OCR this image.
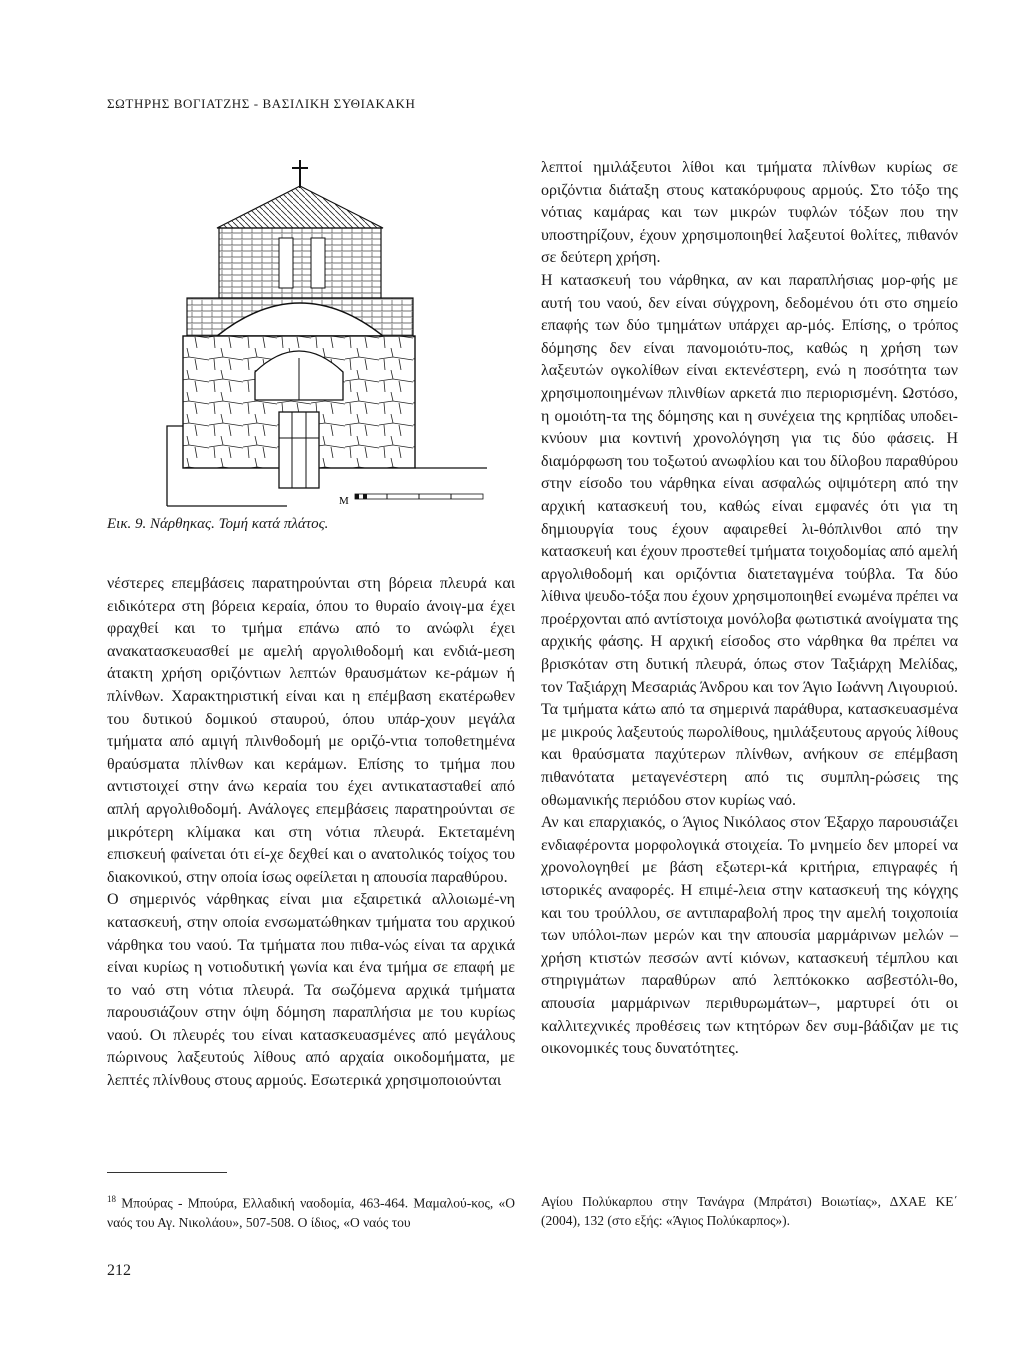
ΣΩΤΗΡΗΣ ΒΟΓΙΑΤΖΗΣ - ΒΑΣΙΛΙΚΗ ΣΥΘΙΑΚΑΚΗ
M
Εικ. 9. Νάρθηκας. Τομή κατά πλάτος.

νέστερες επεμβάσεις παρατηρούνται στη βόρεια πλευρά και ειδικότερα στη βόρεια κεραία, όπου το θυραίο άνοιγ-μα έχει φραχθεί και το τμήμα επάνω από το ανώφλι έχει ανακατασκευασθεί με αμελή αργολιθοδομή και ενδιά-μεση άτακτη χρήση οριζόντιων λεπτών θραυσμάτων κε-ράμων ή πλίνθων. Χαρακτηριστική είναι και η επέμβαση εκατέρωθεν του δυτικού δομικού σταυρού, όπου υπάρ-χουν μεγάλα τμήματα από αμιγή πλινθοδομή με οριζό-ντια τοποθετημένα θραύσματα πλίνθων και κεράμων. Επίσης το τμήμα που αντιστοιχεί στην άνω κεραία του έχει αντικατασταθεί από απλή αργολιθοδομή. Ανάλογες επεμβάσεις παρατηρούνται σε μικρότερη κλίμακα και στη νότια πλευρά. Εκτεταμένη επισκευή φαίνεται ότι εί-χε δεχθεί και ο ανατολικός τοίχος του διακονικού, στην οποία ίσως οφείλεται η απουσία παραθύρου.

Ο σημερινός νάρθηκας είναι μια εξαιρετικά αλλοιωμέ-νη κατασκευή, στην οποία ενσωματώθηκαν τμήματα του αρχικού νάρθηκα του ναού. Τα τμήματα που πιθα-νώς είναι τα αρχικά είναι κυρίως η νοτιοδυτική γωνία και ένα τμήμα σε επαφή με το ναό στη νότια πλευρά. Τα σωζόμενα αρχικά τμήματα παρουσιάζουν στην όψη δόμηση παραπλήσια με του κυρίως ναού. Οι πλευρές του είναι κατασκευασμένες από μεγάλους πώρινους λαξευτούς λίθους από αρχαία οικοδομήματα, με λεπτές πλίνθους στους αρμούς. Εσωτερικά χρησιμοποιούνται

λεπτοί ημιλάξευτοι λίθοι και τμήματα πλίνθων κυρίως σε οριζόντια διάταξη στους κατακόρυφους αρμούς. Στο τόξο της νότιας καμάρας και των μικρών τυφλών τόξων που την υποστηρίζουν, έχουν χρησιμοποιηθεί λαξευτοί θολίτες, πιθανόν σε δεύτερη χρήση.

Η κατασκευή του νάρθηκα, αν και παραπλήσιας μορ-φής με αυτή του ναού, δεν είναι σύγχρονη, δεδομένου ότι στο σημείο επαφής των δύο τμημάτων υπάρχει αρ-μός. Επίσης, ο τρόπος δόμησης δεν είναι πανομοιότυ-πος, καθώς η χρήση των λαξευτών ογκολίθων είναι εκτενέστερη, ενώ η ποσότητα των χρησιμοποιημένων πλινθίων αρκετά πιο περιορισμένη. Ωστόσο, η ομοιότη-τα της δόμησης και η συνέχεια της κρηπίδας υποδει-κνύουν μια κοντινή χρονολόγηση για τις δύο φάσεις. Η διαμόρφωση του τοξωτού ανωφλίου και του δίλοβου παραθύρου στην είσοδο του νάρθηκα είναι ασφαλώς οψιμότερη από την αρχική κατασκευή του, καθώς είναι εμφανές ότι για τη δημιουργία τους έχουν αφαιρεθεί λι-θόπλινθοι από την κατασκευή και έχουν προστεθεί τμήματα τοιχοδομίας από αμελή αργολιθοδομή και οριζόντια διατεταγμένα τούβλα. Τα δύο λίθινα ψευδο-τόξα που έχουν χρησιμοποιηθεί ενωμένα πρέπει να προέρχονται από αντίστοιχα μονόλοβα φωτιστικά ανοίγματα της αρχικής φάσης. Η αρχική είσοδος στο νάρθηκα θα πρέπει να βρισκόταν στη δυτική πλευρά, όπως στον Ταξιάρχη Μελίδας, τον Ταξιάρχη Μεσαριάς Άνδρου και τον Άγιο Ιωάννη Λιγουριού. Τα τμήματα κάτω από τα σημερινά παράθυρα, κατασκευασμένα με μικρούς λαξευτούς πωρολίθους, ημιλάξευτους αργούς λίθους και θραύσματα παχύτερων πλίνθων, ανήκουν σε επέμβαση πιθανότατα μεταγενέστερη από τις συμπλη-ρώσεις της οθωμανικής περιόδου στον κυρίως ναό.

Αν και επαρχιακός, ο Άγιος Νικόλαος στον Έξαρχο παρουσιάζει ενδιαφέροντα μορφολογικά στοιχεία. Το μνημείο δεν μπορεί να χρονολογηθεί με βάση εξωτερι-κά κριτήρια, επιγραφές ή ιστορικές αναφορές. Η επιμέ-λεια στην κατασκευή της κόγχης και του τρούλλου, σε αντιπαραβολή προς την αμελή τοιχοποιία των υπόλοι-πων μερών και την απουσία μαρμάρινων μελών –χρήση κτιστών πεσσών αντί κιόνων, κατασκευή τέμπλου και στηριγμάτων παραθύρων από λεπτόκοκκο ασβεστόλι-θο, απουσία μαρμάρινων περιθυρωμάτων–, μαρτυρεί ότι οι καλλιτεχνικές προθέσεις των κτητόρων δεν συμ-βάδιζαν με τις οικονομικές τους δυνατότητες.

$^{18}$ Μπούρας - Μπούρα, Ελλαδική ναοδομία, 463-464. Μαμαλού-κος, «Ο ναός του Αγ. Νικολάου», 507-508. Ο ίδιος, «Ο ναός του
Αγίου Πολύκαρπου στην Τανάγρα (Μπράτσι) Βοιωτίας», ΔΧΑΕ ΚΕ΄ (2004), 132 (στο εξής: «Άγιος Πολύκαρπος»).
212
